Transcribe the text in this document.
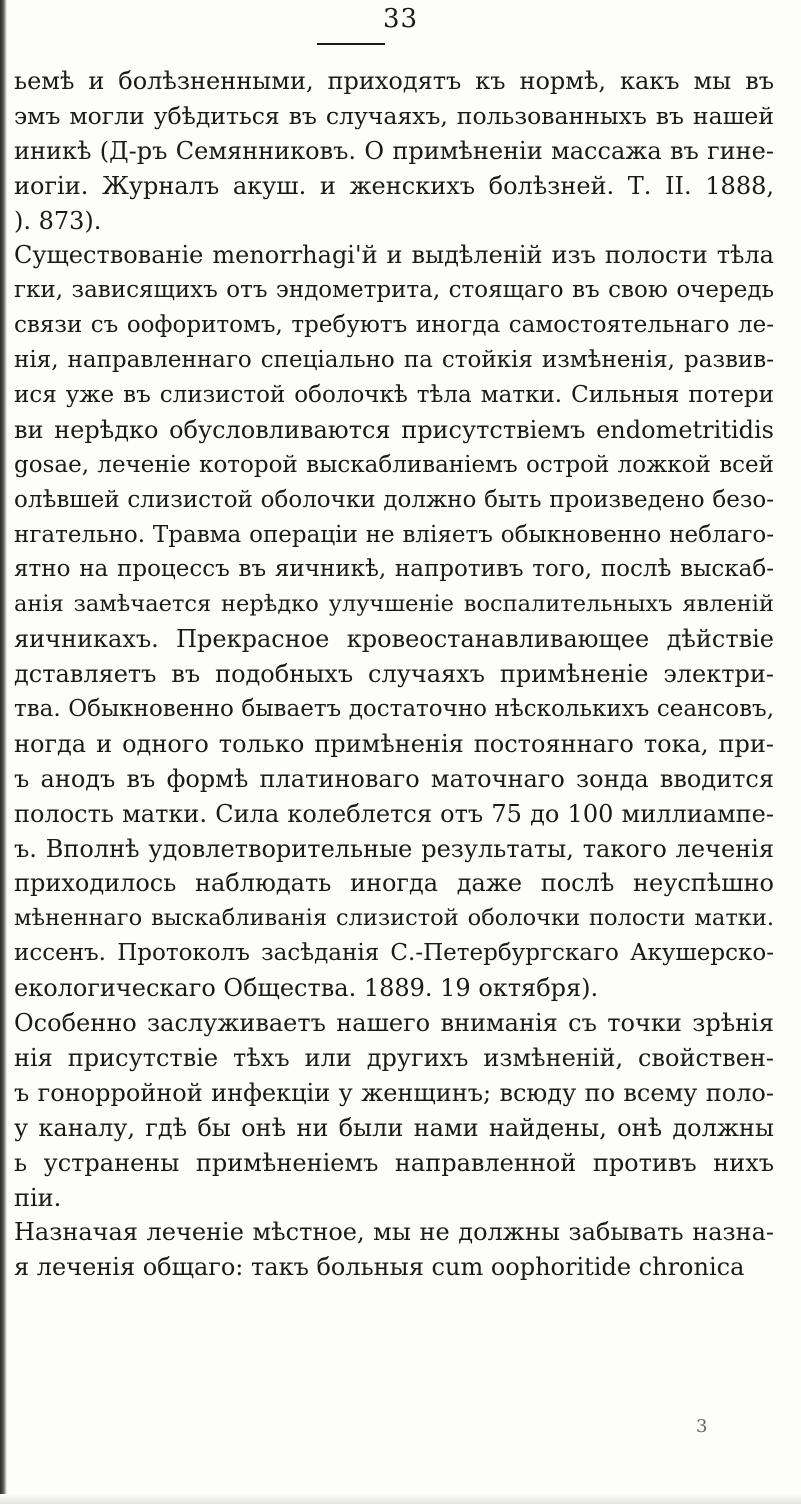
33
ьемѣ и болѣзненными, приходятъ къ нормѣ, какъ мы въ
эмъ могли убѣдиться въ случаяхъ, пользованныхъ въ нашей
иникѣ (Д-ръ Семянниковъ. О примѣненіи массажа въ гине-
иогіи. Журналъ акуш. и женскихъ болѣзней. Т. II. 1888,
). 873).
Существованіе menorrhagi'й и выдѣленій изъ полости тѣла
гки, зависящихъ отъ эндометрита, стоящаго въ свою очередь
связи съ оофоритомъ, требуютъ иногда самостоятельнаго ле-
нія, направленнаго спеціально па стойкія измѣненія, развив-
ися уже въ слизистой оболочкѣ тѣла матки. Сильныя потери
ви нерѣдко обусловливаются присутствіемъ endometritidis
gosae, леченіе которой выскабливаніемъ острой ложкой всей
олѣвшей слизистой оболочки должно быть произведено безо-
нгательно. Травма операціи не вліяетъ обыкновенно неблаго-
ятно на процессъ въ яичникѣ, напротивъ того, послѣ выскаб-
анія замѣчается нерѣдко улучшеніе воспалительныхъ явленій
яичникахъ. Прекрасное кровеостанавливающее дѣйствіе
дставляетъ въ подобныхъ случаяхъ примѣненіе электри-
тва. Обыкновенно бываетъ достаточно нѣсколькихъ сеансовъ,
ногда и одного только примѣненія постояннаго тока, при-
ъ анодъ въ формѣ платиноваго маточнаго зонда вводится
полость матки. Сила колеблется отъ 75 до 100 миллиампе-
ъ. Вполнѣ удовлетворительные результаты, такого леченія
приходилось наблюдать иногда даже послѣ неуспѣшно
мѣненнаго выскабливанія слизистой оболочки полости матки.
иссенъ. Протоколъ засѣданія С.-Петербургскаго Акушерско-
екологическаго Общества. 1889. 19 октября).
Особенно заслуживаетъ нашего вниманія съ точки зрѣнія
нія присутствіе тѣхъ или другихъ измѣненій, свойствен-
ъ гонорройной инфекціи у женщинъ; всюду по всему поло-
у каналу, гдѣ бы онѣ ни были нами найдены, онѣ должны
ь устранены примѣненіемъ направленной противъ нихъ
піи.
Назначая леченіе мѣстное, мы не должны забывать назна-
я леченія общаго: такъ больныя cum oophoritide chronica
3
